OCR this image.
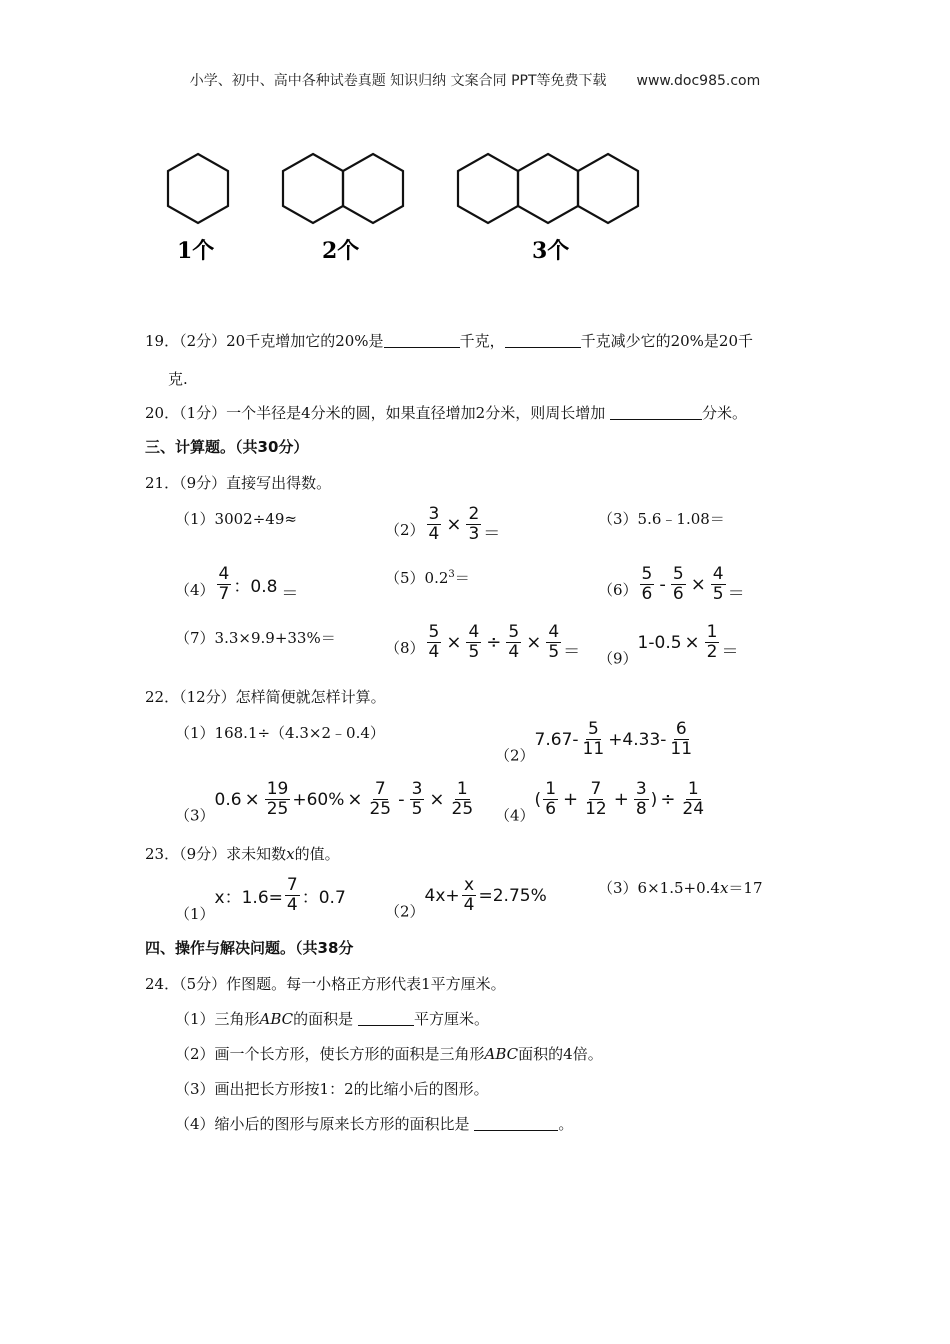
小学、初中、高中各种试卷真题 知识归纳 文案合同 PPT等免费下载 www.doc985.com
1个	2个	3个
19．（2分）20千克增加它的20%是	千克，	千克减少它的20%是20千
克.
20．（1分）一个半径是4分米的圆，如果直径增加2分米，则周长增加	分米。
三、计算题。（共30分）
21．（9分）直接写出得数。
（1）3002÷49≈
$(2) \frac{3}{4} \times \frac{2}{3}$ ＝
（3）5.6﹣1.08＝
$(4) \frac{4}{7}$ ：0.8 ＝
$(5)0.2^3=$
$(6) \frac{5}{6} - \frac{5}{6} \times \frac{4}{5}$ ＝
（7）3.3×9.9+33%＝
$(8) \frac{5}{4} \times \frac{4}{5} \div \frac{5}{4} \times \frac{4}{5} = (9)$
$1-0.5 \times \frac{1}{2}$ ＝
22．（12分）怎样简便就怎样计算。
（1）168.1÷（4.3×2﹣0.4）
（2）
$7.67- \frac{5}{11} +4.33- \frac{6}{11}$
（3）
$0.6 \times \frac{19}{25} +60\% \times \frac{7}{25} - \frac{3}{5} \times \frac{1}{25} (4)$
( $\frac{1}{6} + \frac{7}{12} + \frac{3}{8}$ ) ÷ $\frac{1}{24}$
23．（9分）求未知数x的值。
（1）
x：$1.6= \frac{7}{4}$ ：0.7
（2）
$4x+ \frac{x}{4} =2.75\%$	（3）6×1.5+0.4x＝17
四、操作与解决问题。（共38分
24．（5分）作图题。每一小格正方形代表1平方厘米。
（1）三角形ABC的面积是	平方厘米。
（2）画一个长方形，使长方形的面积是三角形ABC面积的4倍。
（3）画出把长方形按1：2的比缩小后的图形。
（4）缩小后的图形与原来长方形的面积比是	。
